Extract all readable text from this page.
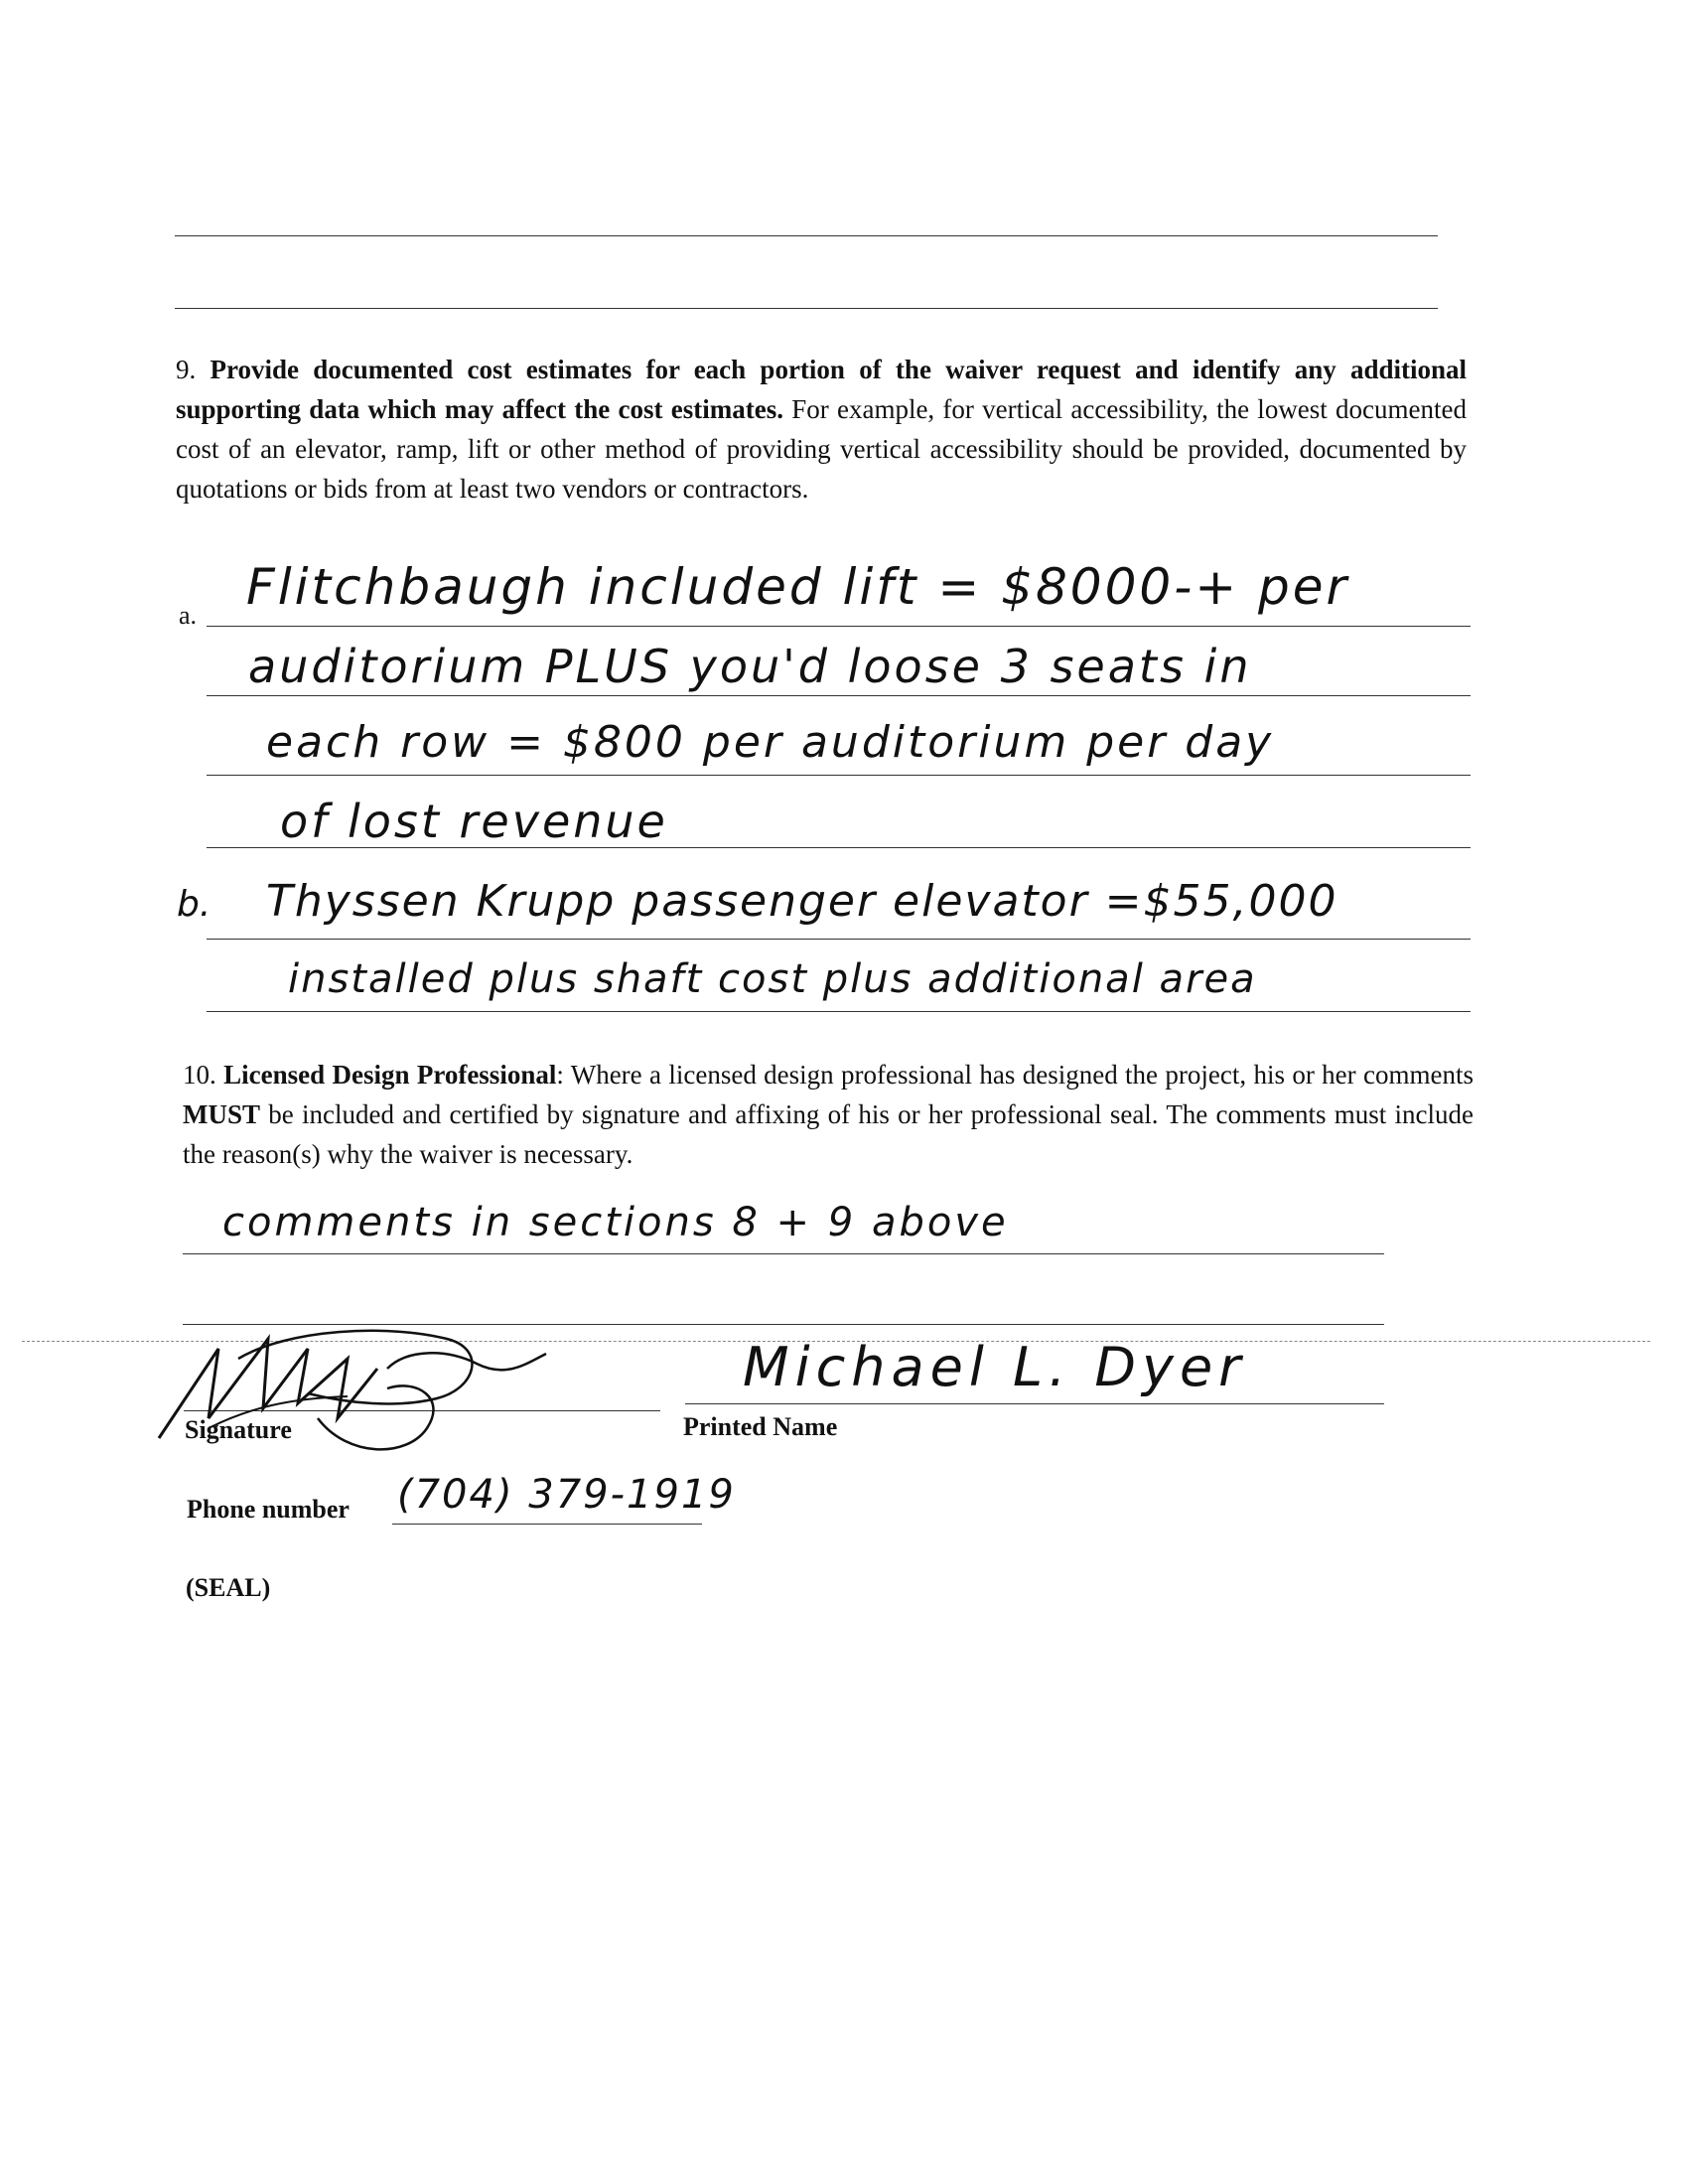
9. Provide documented cost estimates for each portion of the waiver request and identify any additional supporting data which may affect the cost estimates. For example, for vertical accessibility, the lowest documented cost of an elevator, ramp, lift or other method of providing vertical accessibility should be provided, documented by quotations or bids from at least two vendors or contractors.
a. Flitchbaugh included lift = $8000-+ per
auditorium PLUS you'd loose 3 seats in
each row = $800 per auditorium per day
of lost revenue
b. Thyssen Krupp passenger elevator =$55,000
installed plus shaft cost plus additional area
10. Licensed Design Professional: Where a licensed design professional has designed the project, his or her comments MUST be included and certified by signature and affixing of his or her professional seal. The comments must include the reason(s) why the waiver is necessary.
comments in sections 8 + 9 above
Signature	Printed Name
Michael L. Dyer
Phone number (704) 379-1919
(SEAL)
